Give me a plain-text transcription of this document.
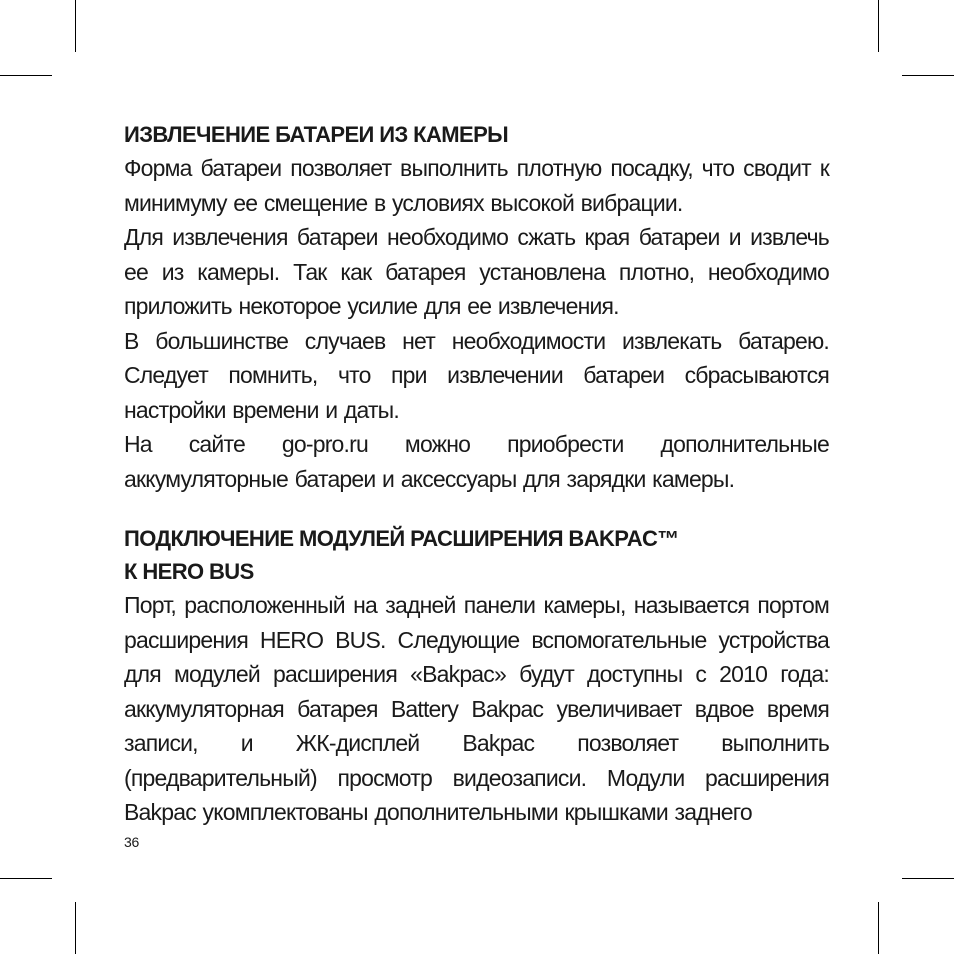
ИЗВЛЕЧЕНИЕ БАТАРЕИ ИЗ КАМЕРЫ

Форма батареи позволяет выполнить плотную посадку, что сводит к минимуму ее смещение в условиях высокой вибрации.

Для извлечения батареи необходимо сжать края батареи и извлечь ее из камеры. Так как батарея установлена плотно, необходимо приложить некоторое усилие для ее извлечения.

В большинстве случаев нет необходимости извлекать батарею. Следует помнить, что при извлечении батареи сбрасываются настройки времени и даты.

На сайте go-pro.ru можно приобрести дополнительные аккумуляторные батареи и аксессуары для зарядки камеры.

ПОДКЛЮЧЕНИЕ МОДУЛЕЙ РАСШИРЕНИЯ BAKPAC™
К HERO BUS

Порт, расположенный на задней панели камеры, называется портом расширения HERO BUS. Следующие вспомогательные устройства для модулей расширения «Bakpac» будут доступны с 2010 года: аккумуляторная батарея Battery Bakpac увеличивает вдвое время записи, и ЖК-дисплей Bakpac позволяет выполнить (предварительный) просмотр видеозаписи. Модули расширения Bakpac укомплектованы дополнительными крышками заднего

36
